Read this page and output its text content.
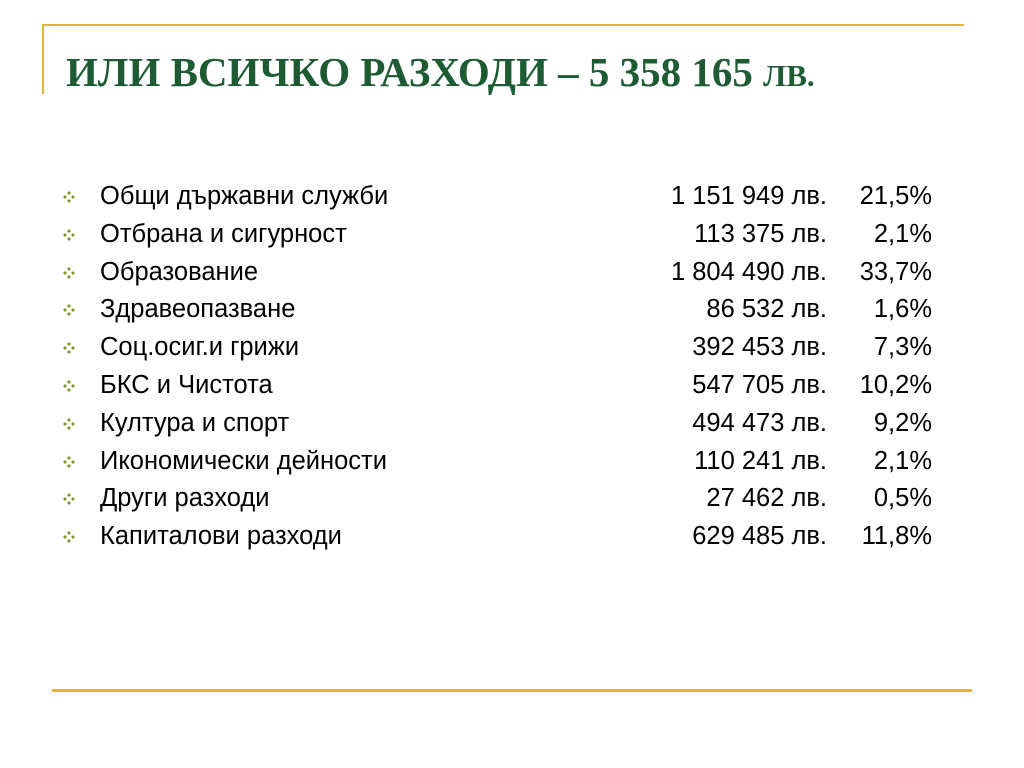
ИЛИ ВСИЧКО РАЗХОДИ – 5 358 165 ЛВ.
Общи държавни служби	1 151 949 лв. 21,5%
Отбрана и сигурност	113 375 лв. 2,1%
Образование	1 804 490 лв. 33,7%
Здравеопазване	86 532 лв. 1,6%
Соц.осиг.и грижи	392 453 лв. 7,3%
БКС и Чистота	547 705 лв. 10,2%
Култура и спорт	494 473 лв. 9,2%
Икономически дейности	110 241 лв. 2,1%
Други разходи	27 462 лв. 0,5%
Капиталови разходи	629 485 лв. 11,8%
